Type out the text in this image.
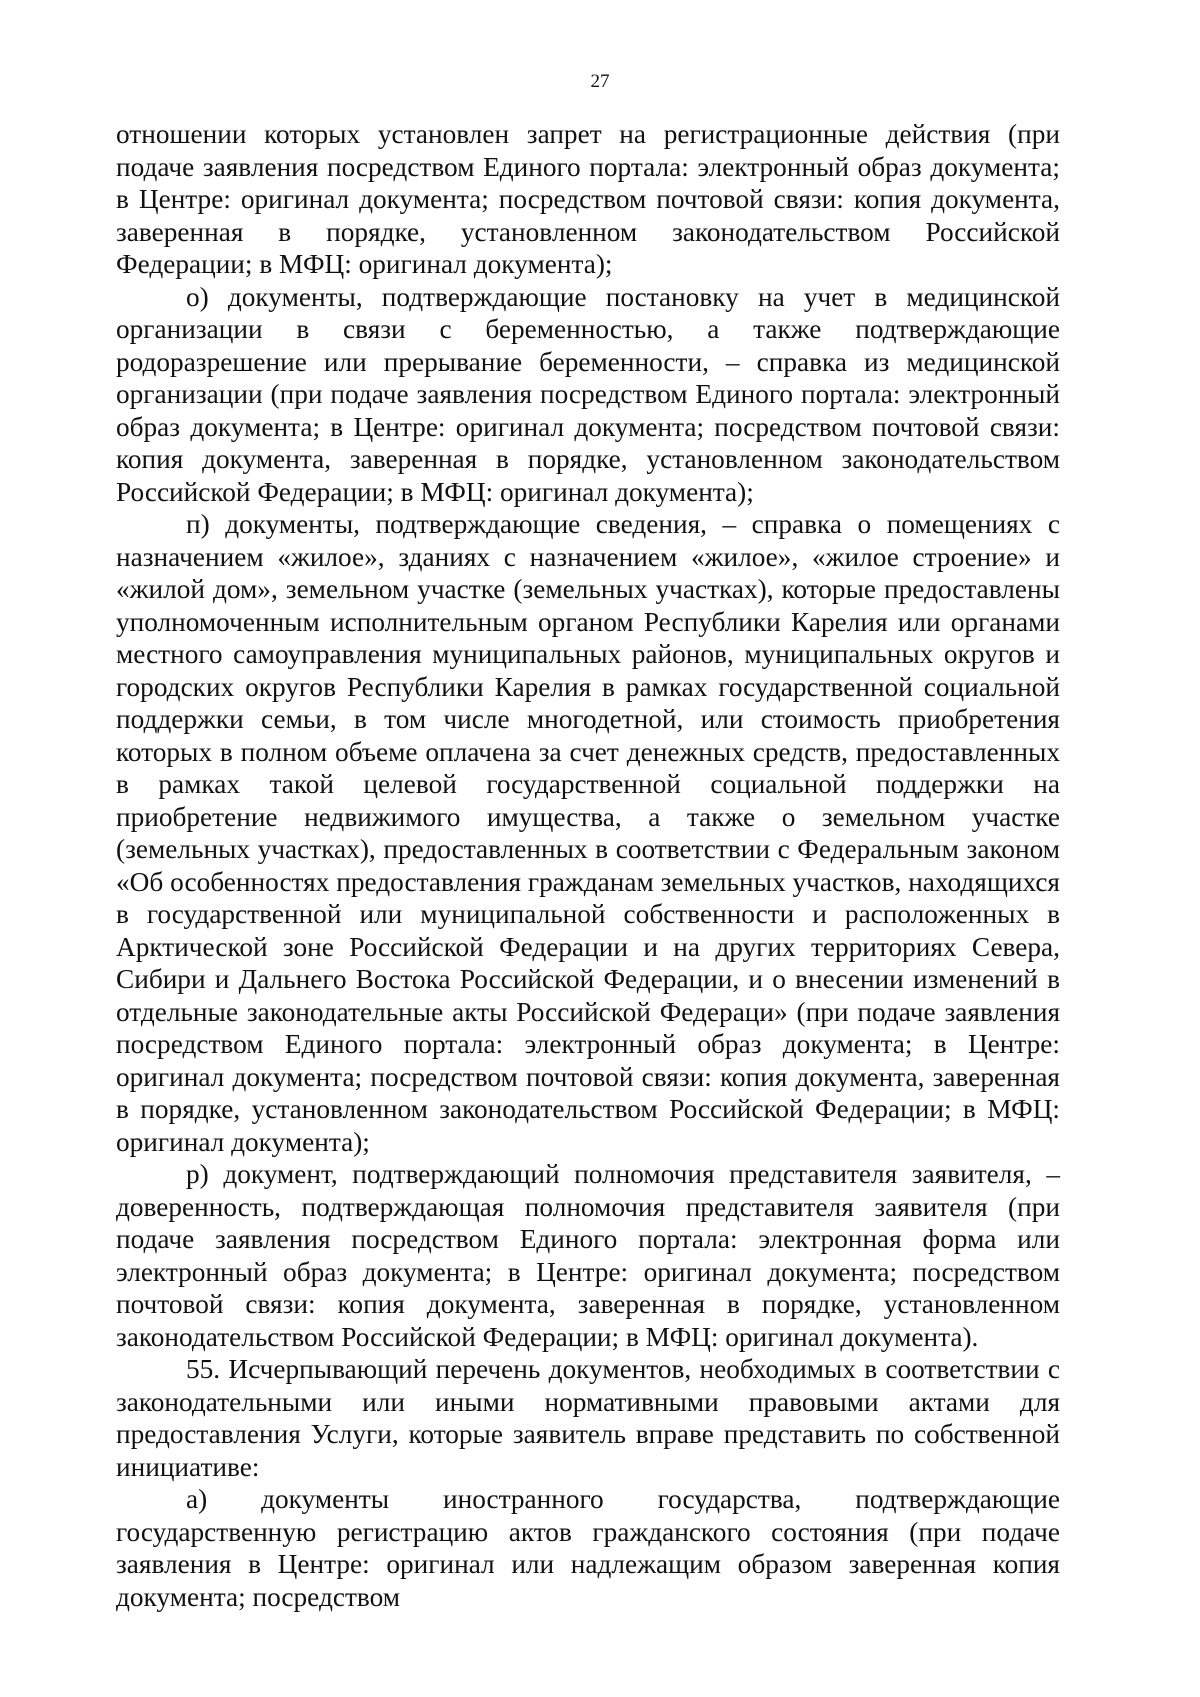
27

отношении которых установлен запрет на регистрационные действия (при подаче заявления посредством Единого портала: электронный образ документа; в Центре: оригинал документа; посредством почтовой связи: копия документа, заверенная в порядке, установленном законодательством Российской Федерации; в МФЦ: оригинал документа);

о) документы, подтверждающие постановку на учет в медицинской организации в связи с беременностью, а также подтверждающие родоразрешение или прерывание беременности, – справка из медицинской организации (при подаче заявления посредством Единого портала: электронный образ документа; в Центре: оригинал документа; посредством почтовой связи: копия документа, заверенная в порядке, установленном законодательством Российской Федерации; в МФЦ: оригинал документа);

п) документы, подтверждающие сведения, – справка о помещениях с назначением «жилое», зданиях с назначением «жилое», «жилое строение» и «жилой дом», земельном участке (земельных участках), которые предоставлены уполномоченным исполнительным органом Республики Карелия или органами местного самоуправления муниципальных районов, муниципальных округов и городских округов Республики Карелия в рамках государственной социальной поддержки семьи, в том числе многодетной, или стоимость приобретения которых в полном объеме оплачена за счет денежных средств, предоставленных в рамках такой целевой государственной социальной поддержки на приобретение недвижимого имущества, а также о земельном участке (земельных участках), предоставленных в соответствии с Федеральным законом «Об особенностях предоставления гражданам земельных участков, находящихся в государственной или муниципальной собственности и расположенных в Арктической зоне Российской Федерации и на других территориях Севера, Сибири и Дальнего Востока Российской Федерации, и о внесении изменений в отдельные законодательные акты Российской Федераци» (при подаче заявления посредством Единого портала: электронный образ документа; в Центре: оригинал документа; посредством почтовой связи: копия документа, заверенная в порядке, установленном законодательством Российской Федерации; в МФЦ: оригинал документа);

р) документ, подтверждающий полномочия представителя заявителя, – доверенность, подтверждающая полномочия представителя заявителя (при подаче заявления посредством Единого портала: электронная форма или электронный образ документа; в Центре: оригинал документа; посредством почтовой связи: копия документа, заверенная в порядке, установленном законодательством Российской Федерации; в МФЦ: оригинал документа).

55. Исчерпывающий перечень документов, необходимых в соответствии с законодательными или иными нормативными правовыми актами для предоставления Услуги, которые заявитель вправе представить по собственной инициативе:

а) документы иностранного государства, подтверждающие государственную регистрацию актов гражданского состояния (при подаче заявления в Центре: оригинал или надлежащим образом заверенная копия документа; посредством
